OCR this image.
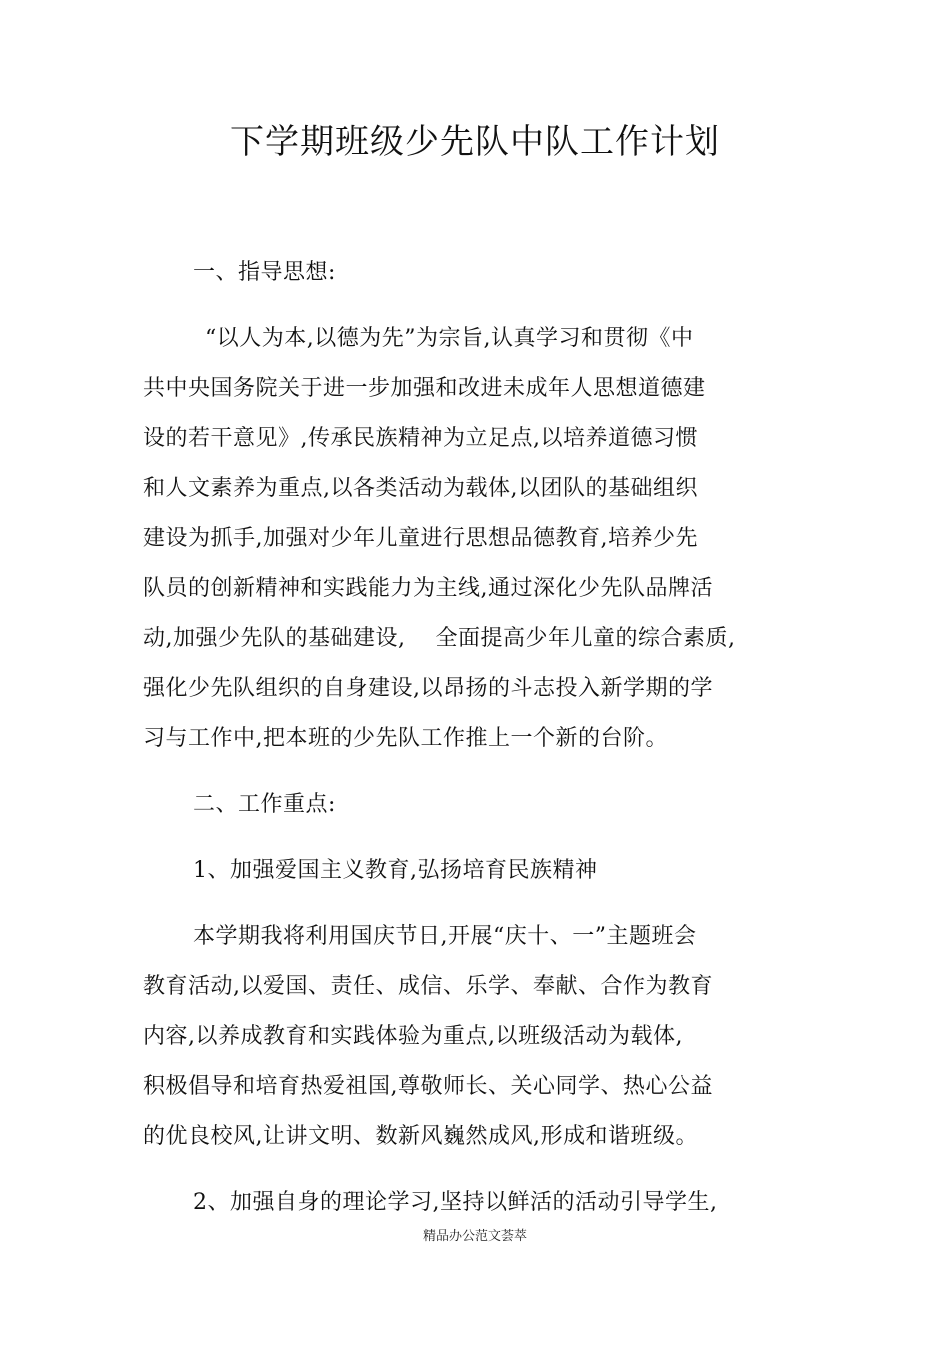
下学期班级少先队中队工作计划
一、指导思想:
“以人为本,以德为先”为宗旨,认真学习和贯彻《中
共中央国务院关于进一步加强和改进未成年人思想道德建
设的若干意见》,传承民族精神为立足点,以培养道德习惯
和人文素养为重点,以各类活动为载体,以团队的基础组织
建设为抓手,加强对少年儿童进行思想品德教育,培养少先
队员的创新精神和实践能力为主线,通过深化少先队品牌活
动,加强少先队的基础建设, 全面提高少年儿童的综合素质,
强化少先队组织的自身建设,以昂扬的斗志投入新学期的学
习与工作中,把本班的少先队工作推上一个新的台阶。
二、工作重点:
1、加强爱国主义教育,弘扬培育民族精神
本学期我将利用国庆节日,开展“庆十、一”主题班会
教育活动,以爱国、责任、成信、乐学、奉献、合作为教育
内容,以养成教育和实践体验为重点,以班级活动为载体,
积极倡导和培育热爱祖国,尊敬师长、关心同学、热心公益
的优良校风,让讲文明、数新风巍然成风,形成和谐班级。
2、加强自身的理论学习,坚持以鲜活的活动引导学生,
精品办公范文荟萃
